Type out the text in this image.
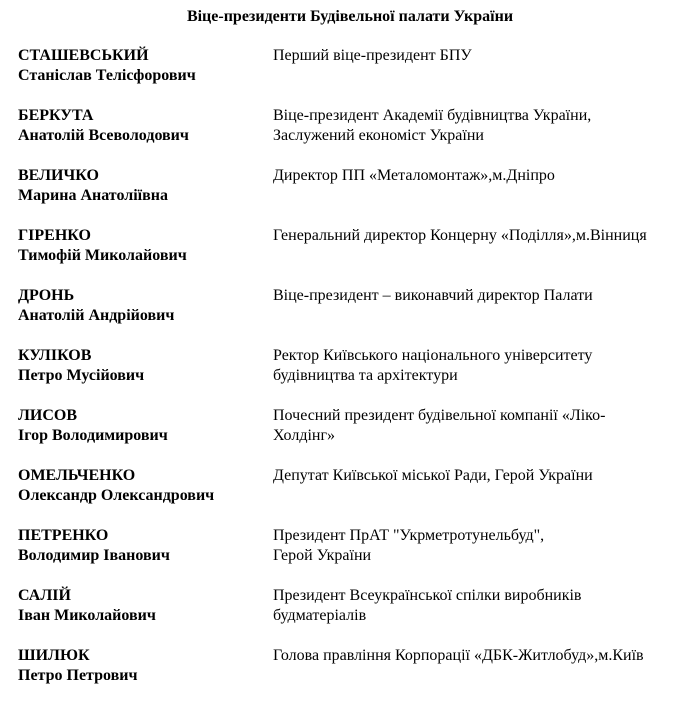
Віце-президенти Будівельної палати України
СТАШЕВСЬКИЙ
Станіслав Телісфорович
Перший віце-президент БПУ
БЕРКУТА
Анатолій Всеволодович
Віце-президент Академії будівництва України,
Заслужений економіст України
ВЕЛИЧКО
Марина Анатоліївна
Директор ПП «Металомонтаж»,м.Дніпро
ГІРЕНКО
Тимофій Миколайович
Генеральний директор Концерну «Поділля»,м.Вінниця
ДРОНЬ
Анатолій Андрійович
Віце-президент – виконавчий директор Палати
КУЛІКОВ
Петро Мусійович
Ректор Київського національного університету
будівництва та архітектури
ЛИСОВ
Ігор Володимирович
Почесний президент будівельної компанії «Ліко-
Холдінг»
ОМЕЛЬЧЕНКО
Олександр Олександрович
Депутат Київської міської Ради, Герой України
ПЕТРЕНКО
Володимир Іванович
Президент ПрАТ "Укрметротунельбуд",
Герой України
САЛІЙ
Іван Миколайович
Президент Всеукраїнської спілки виробників
будматеріалів
ШИЛЮК
Петро Петрович
Голова правління Корпорації «ДБК-Житлобуд»,м.Київ
